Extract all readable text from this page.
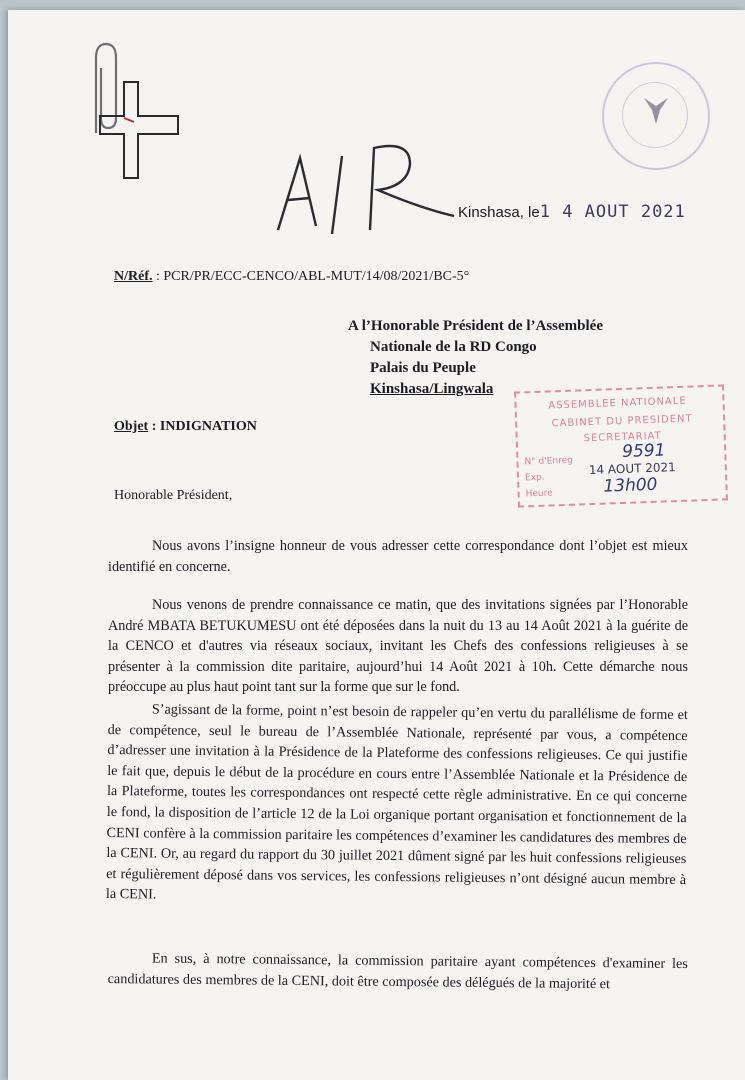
Kinshasa, le1 4 AOUT 2021
N/Réf. : PCR/PR/ECC-CENCO/ABL-MUT/14/08/2021/BC-5°
A l’Honorable Président de l’Assemblée
Nationale de la RD Congo
Palais du Peuple
Kinshasa/Lingwala
Objet : INDIGNATION
ASSEMBLEE NATIONALE
CABINET DU PRESIDENT
SECRETARIAT
N° d'Enreg	9591
Exp.
14 AOUT 2021
Heure	13h00
Honorable Président,
Nous avons l’insigne honneur de vous adresser cette correspondance dont l’objet est mieux identifié en concerne.
Nous venons de prendre connaissance ce matin, que des invitations signées par l’Honorable André MBATA BETUKUMESU ont été déposées dans la nuit du 13 au 14 Août 2021 à la guérite de la CENCO et d'autres via réseaux sociaux, invitant les Chefs des confessions religieuses à se présenter à la commission dite paritaire, aujourd’hui 14 Août 2021 à 10h. Cette démarche nous préoccupe au plus haut point tant sur la forme que sur le fond.
S’agissant de la forme, point n’est besoin de rappeler qu’en vertu du parallélisme de forme et de compétence, seul le bureau de l’Assemblée Nationale, représenté par vous, a compétence d’adresser une invitation à la Présidence de la Plateforme des confessions religieuses. Ce qui justifie le fait que, depuis le début de la procédure en cours entre l’Assemblée Nationale et la Présidence de la Plateforme, toutes les correspondances ont respecté cette règle administrative. En ce qui concerne le fond, la disposition de l’article 12 de la Loi organique portant organisation et fonctionnement de la CENI confère à la commission paritaire les compétences d’examiner les candidatures des membres de la CENI. Or, au regard du rapport du 30 juillet 2021 dûment signé par les huit confessions religieuses et régulièrement déposé dans vos services, les confessions religieuses n’ont désigné aucun membre à la CENI.
En sus, à notre connaissance, la commission paritaire ayant compétences d'examiner les candidatures des membres de la CENI, doit être composée des délégués de la majorité et
